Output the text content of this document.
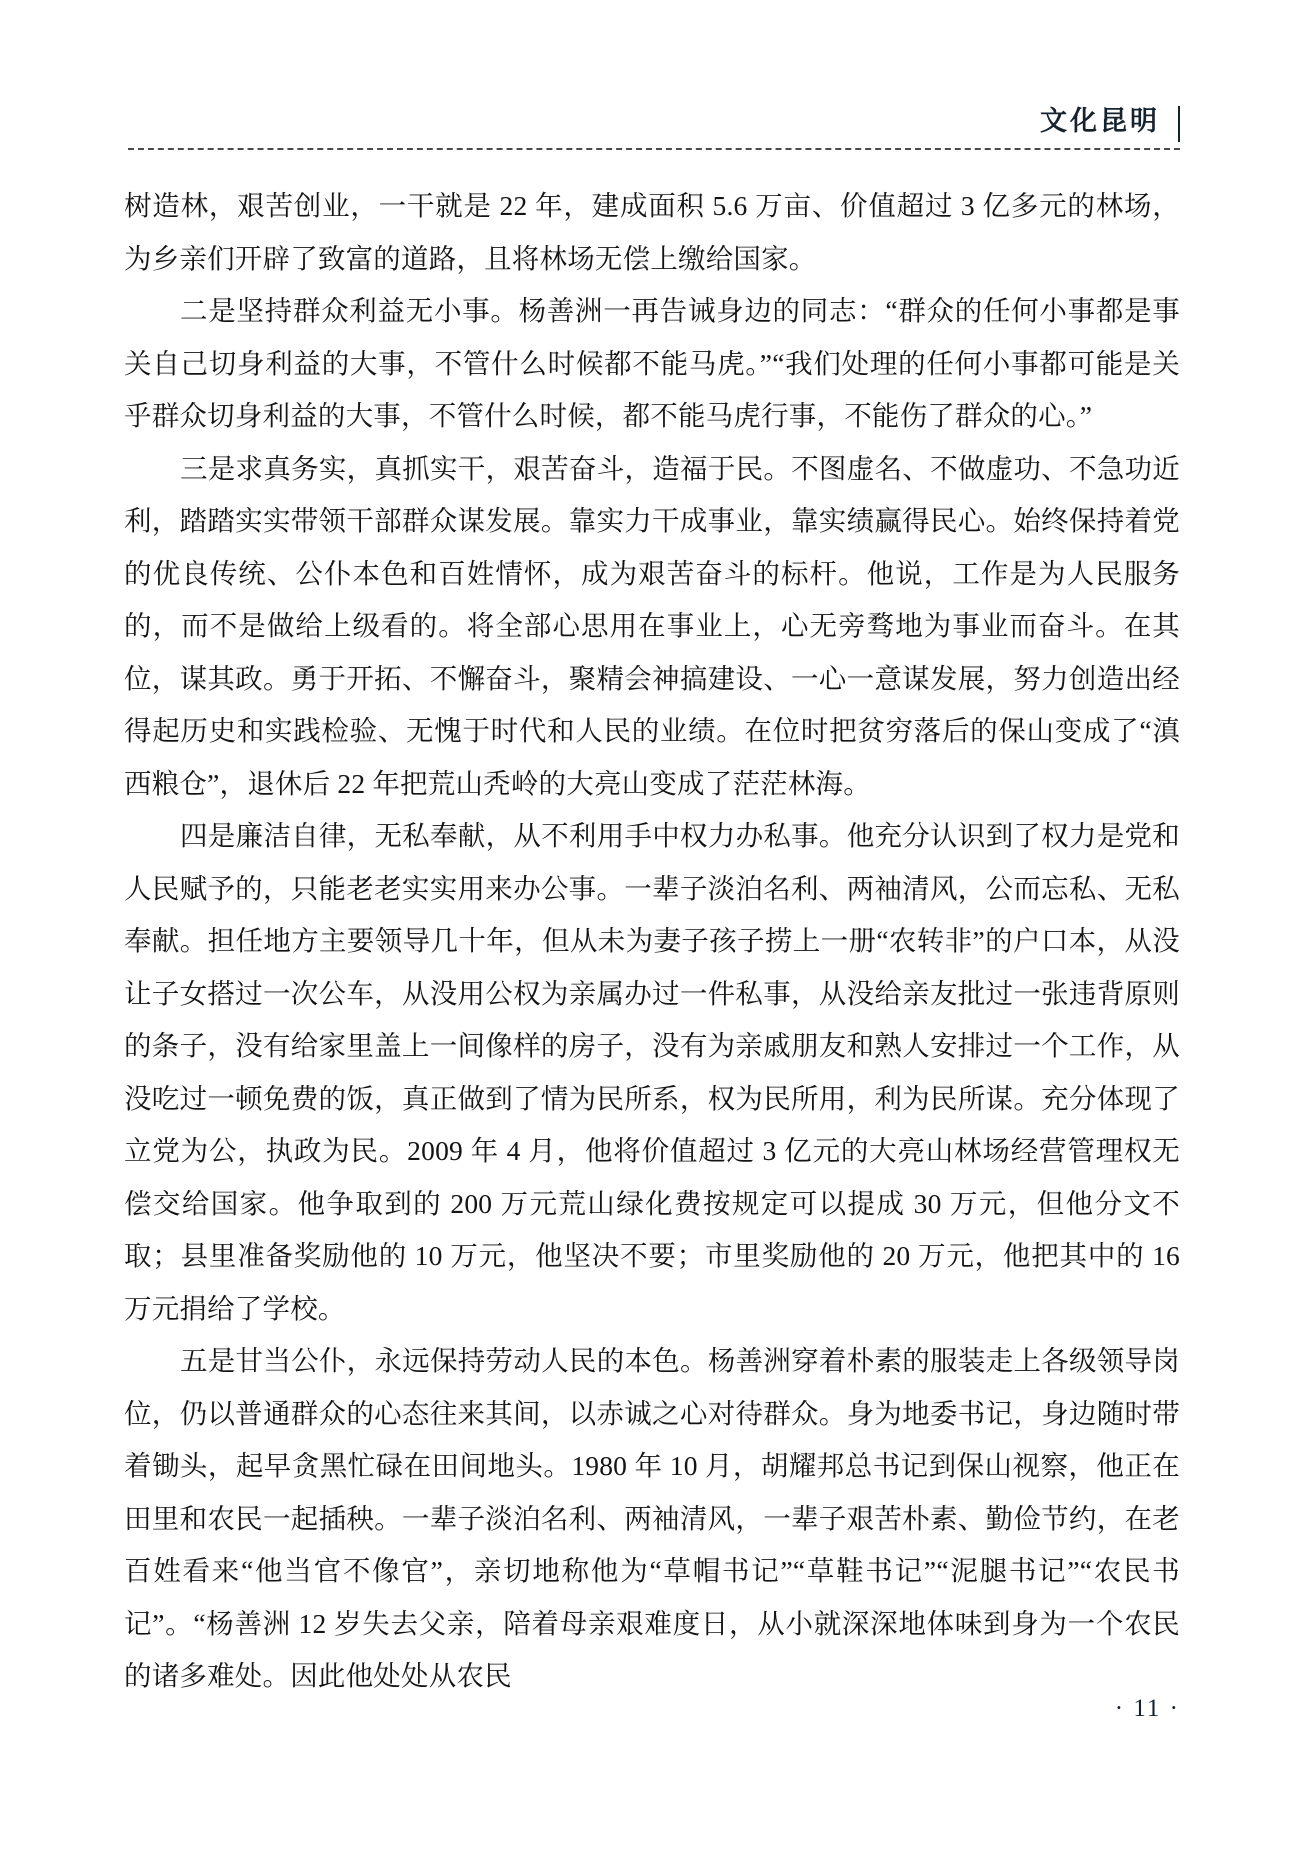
文化昆明

树造林，艰苦创业，一干就是 22 年，建成面积 5.6 万亩、价值超过 3 亿多元的林场，为乡亲们开辟了致富的道路，且将林场无偿上缴给国家。

二是坚持群众利益无小事。杨善洲一再告诫身边的同志：“群众的任何小事都是事关自己切身利益的大事，不管什么时候都不能马虎。”“我们处理的任何小事都可能是关乎群众切身利益的大事，不管什么时候，都不能马虎行事，不能伤了群众的心。”

三是求真务实，真抓实干，艰苦奋斗，造福于民。不图虚名、不做虚功、不急功近利，踏踏实实带领干部群众谋发展。靠实力干成事业，靠实绩赢得民心。始终保持着党的优良传统、公仆本色和百姓情怀，成为艰苦奋斗的标杆。他说，工作是为人民服务的，而不是做给上级看的。将全部心思用在事业上，心无旁骛地为事业而奋斗。在其位，谋其政。勇于开拓、不懈奋斗，聚精会神搞建设、一心一意谋发展，努力创造出经得起历史和实践检验、无愧于时代和人民的业绩。在位时把贫穷落后的保山变成了“滇西粮仓”，退休后 22 年把荒山秃岭的大亮山变成了茫茫林海。

四是廉洁自律，无私奉献，从不利用手中权力办私事。他充分认识到了权力是党和人民赋予的，只能老老实实用来办公事。一辈子淡泊名利、两袖清风，公而忘私、无私奉献。担任地方主要领导几十年，但从未为妻子孩子捞上一册“农转非”的户口本，从没让子女搭过一次公车，从没用公权为亲属办过一件私事，从没给亲友批过一张违背原则的条子，没有给家里盖上一间像样的房子，没有为亲戚朋友和熟人安排过一个工作，从没吃过一顿免费的饭，真正做到了情为民所系，权为民所用，利为民所谋。充分体现了立党为公，执政为民。2009 年 4 月，他将价值超过 3 亿元的大亮山林场经营管理权无偿交给国家。他争取到的 200 万元荒山绿化费按规定可以提成 30 万元，但他分文不取；县里准备奖励他的 10 万元，他坚决不要；市里奖励他的 20 万元，他把其中的 16 万元捐给了学校。

五是甘当公仆，永远保持劳动人民的本色。杨善洲穿着朴素的服装走上各级领导岗位，仍以普通群众的心态往来其间，以赤诚之心对待群众。身为地委书记，身边随时带着锄头，起早贪黑忙碌在田间地头。1980 年 10 月，胡耀邦总书记到保山视察，他正在田里和农民一起插秧。一辈子淡泊名利、两袖清风，一辈子艰苦朴素、勤俭节约，在老百姓看来“他当官不像官”，亲切地称他为“草帽书记”“草鞋书记”“泥腿书记”“农民书记”。“杨善洲 12 岁失去父亲，陪着母亲艰难度日，从小就深深地体味到身为一个农民的诸多难处。因此他处处从农民

· 11 ·
